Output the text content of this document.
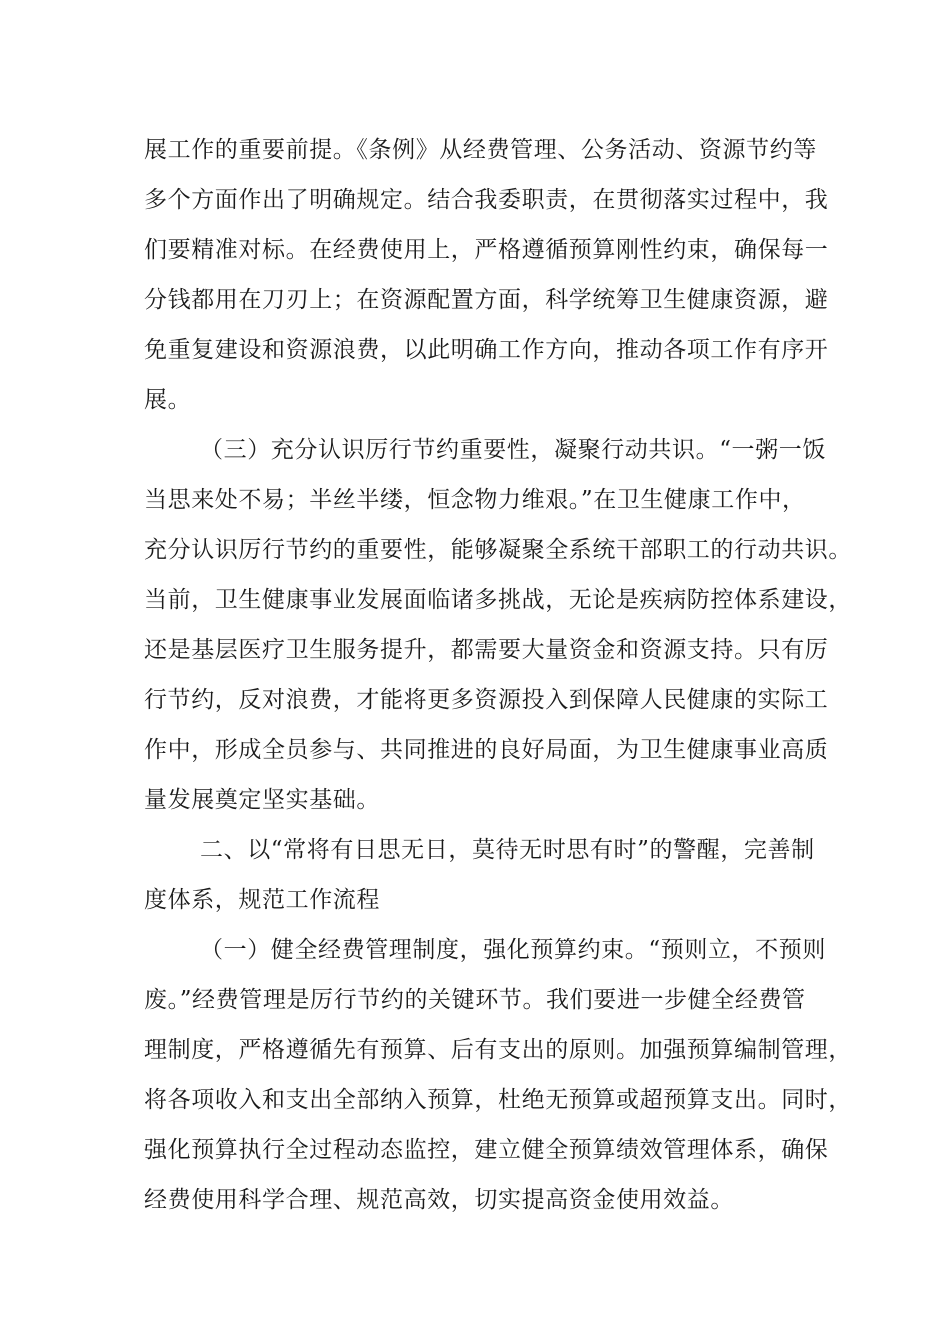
展工作的重要前提。《条例》从经费管理、公务活动、资源节约等

多个方面作出了明确规定。结合我委职责，在贯彻落实过程中，我

们要精准对标。在经费使用上，严格遵循预算刚性约束，确保每一

分钱都用在刀刃上；在资源配置方面，科学统筹卫生健康资源，避

免重复建设和资源浪费，以此明确工作方向，推动各项工作有序开

展。

（三）充分认识厉行节约重要性，凝聚行动共识。“一粥一饭

当思来处不易；半丝半缕，恒念物力维艰。”在卫生健康工作中，

充分认识厉行节约的重要性，能够凝聚全系统干部职工的行动共识。

当前，卫生健康事业发展面临诸多挑战，无论是疾病防控体系建设，

还是基层医疗卫生服务提升，都需要大量资金和资源支持。只有厉

行节约，反对浪费，才能将更多资源投入到保障人民健康的实际工

作中，形成全员参与、共同推进的良好局面，为卫生健康事业高质

量发展奠定坚实基础。

二、以“常将有日思无日，莫待无时思有时”的警醒，完善制

度体系，规范工作流程

（一）健全经费管理制度，强化预算约束。“预则立，不预则

废。”经费管理是厉行节约的关键环节。我们要进一步健全经费管

理制度，严格遵循先有预算、后有支出的原则。加强预算编制管理，

将各项收入和支出全部纳入预算，杜绝无预算或超预算支出。同时，

强化预算执行全过程动态监控，建立健全预算绩效管理体系，确保

经费使用科学合理、规范高效，切实提高资金使用效益。
